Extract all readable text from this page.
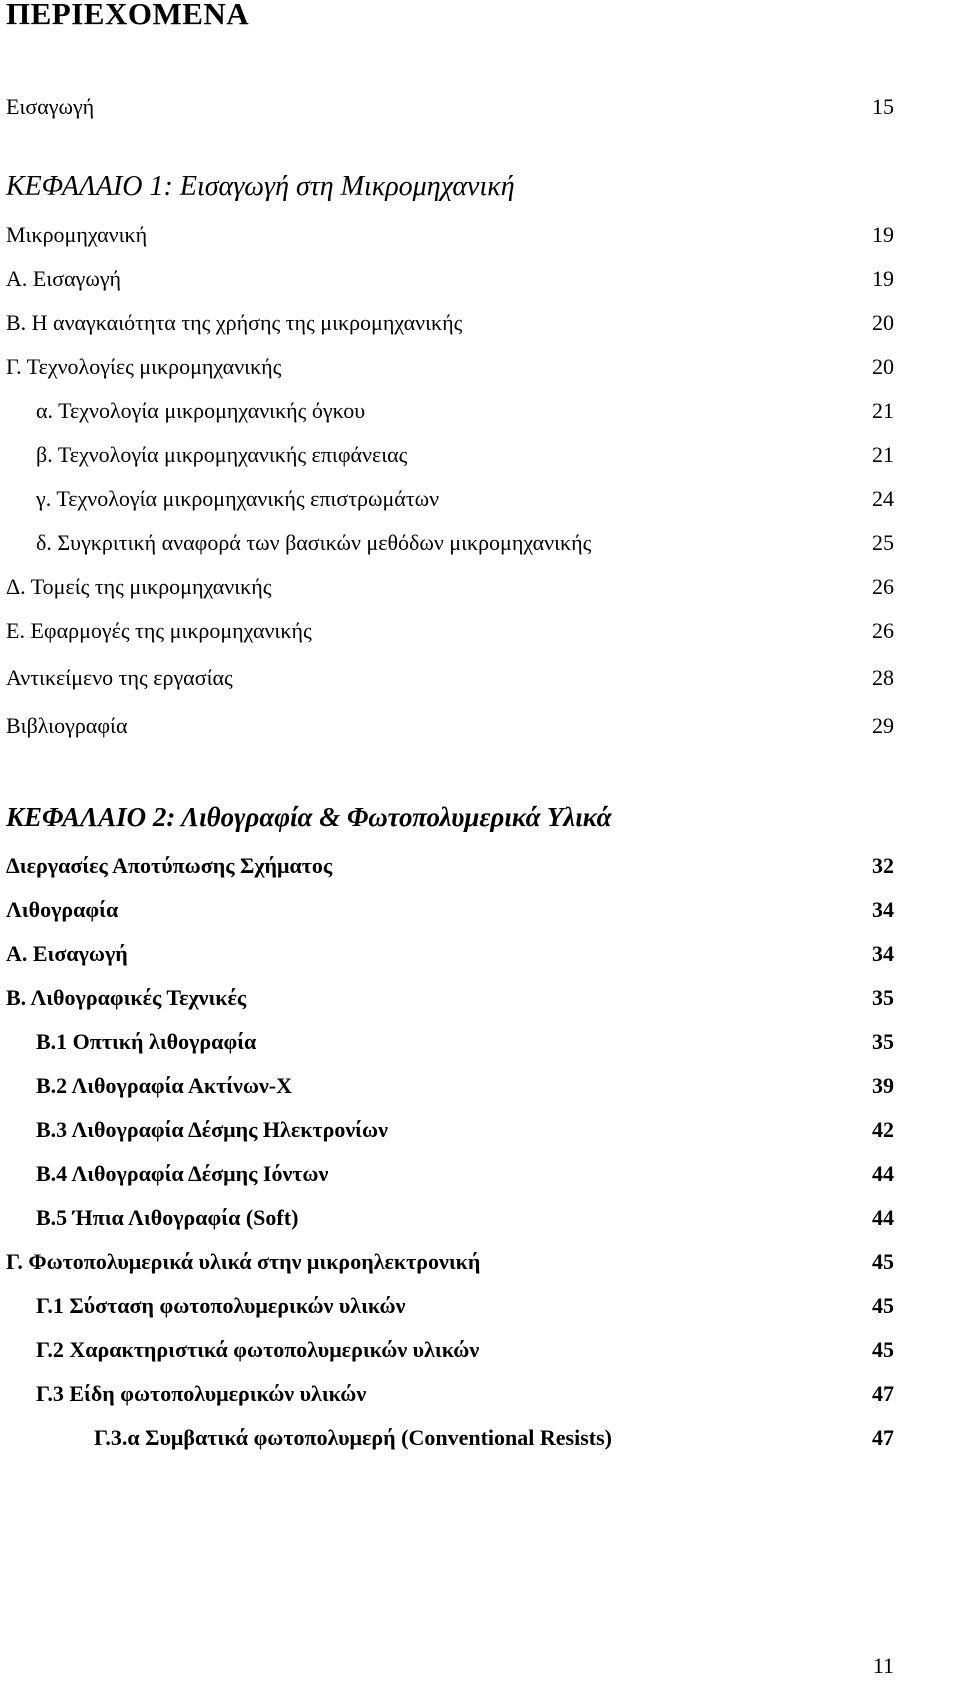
ΠΕΡΙΕΧΟΜΕΝΑ
Εισαγωγή	15
ΚΕΦΑΛΑΙΟ 1: Εισαγωγή στη Μικρομηχανική
Μικρομηχανική	19
Α. Εισαγωγή	19
Β. Η αναγκαιότητα της χρήσης της μικρομηχανικής	20
Γ. Τεχνολογίες μικρομηχανικής	20
α. Τεχνολογία μικρομηχανικής όγκου	21
β. Τεχνολογία μικρομηχανικής επιφάνειας	21
γ. Τεχνολογία μικρομηχανικής επιστρωμάτων	24
δ. Συγκριτική αναφορά των βασικών μεθόδων μικρομηχανικής	25
Δ. Τομείς της μικρομηχανικής	26
Ε. Εφαρμογές της μικρομηχανικής	26
Αντικείμενο της εργασίας	28
Βιβλιογραφία	29
ΚΕΦΑΛΑΙΟ 2: Λιθογραφία & Φωτοπολυμερικά Υλικά
Διεργασίες Αποτύπωσης Σχήματος	32
Λιθογραφία	34
Α. Εισαγωγή	34
Β. Λιθογραφικές Τεχνικές	35
Β.1 Οπτική λιθογραφία	35
Β.2 Λιθογραφία Ακτίνων-Χ	39
Β.3 Λιθογραφία Δέσμης Ηλεκτρονίων	42
Β.4 Λιθογραφία Δέσμης Ιόντων	44
Β.5 Ήπια Λιθογραφία (Soft)	44
Γ. Φωτοπολυμερικά υλικά στην μικροηλεκτρονική	45
Γ.1 Σύσταση φωτοπολυμερικών υλικών	45
Γ.2 Χαρακτηριστικά φωτοπολυμερικών υλικών	45
Γ.3 Είδη φωτοπολυμερικών υλικών	47
Γ.3.α Συμβατικά φωτοπολυμερή (Conventional Resists)	47
11
